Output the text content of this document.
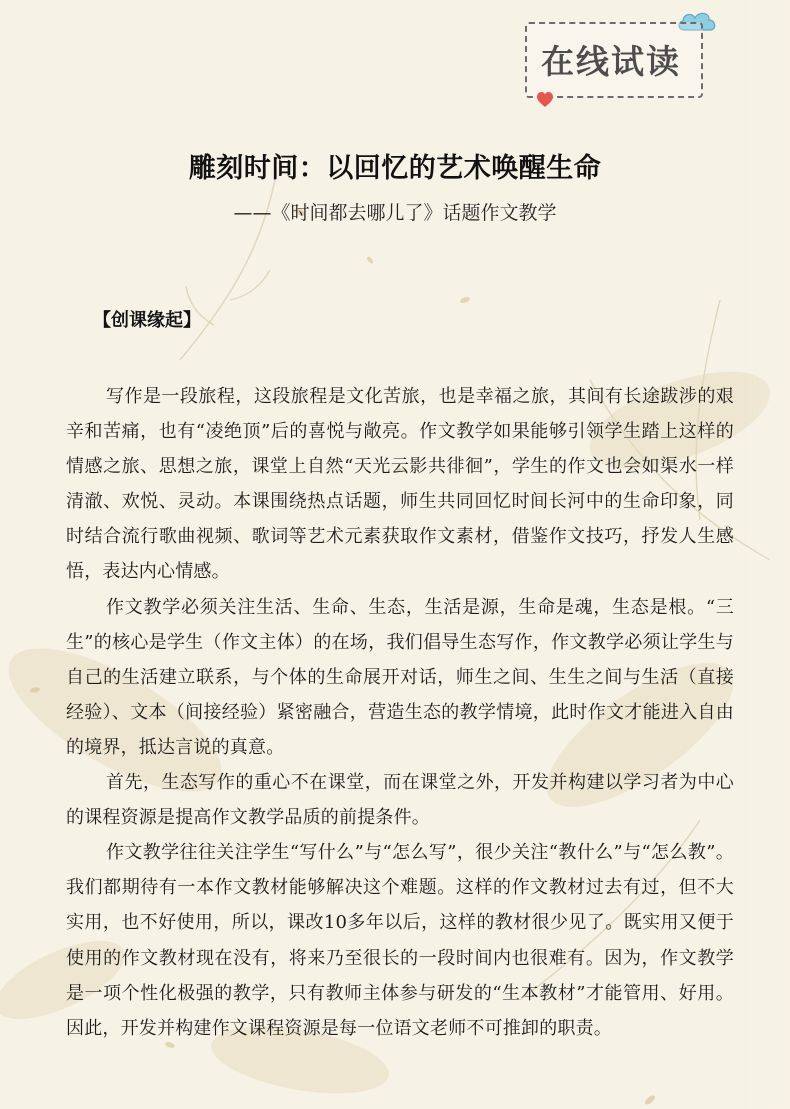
在线试读
雕刻时间：以回忆的艺术唤醒生命
——《时间都去哪儿了》话题作文教学
【创课缘起】

写作是一段旅程，这段旅程是文化苦旅，也是幸福之旅，其间有长途跋涉的艰辛和苦痛，也有“凌绝顶”后的喜悦与敞亮。作文教学如果能够引领学生踏上这样的情感之旅、思想之旅，课堂上自然“天光云影共徘徊”，学生的作文也会如渠水一样清澈、欢悦、灵动。本课围绕热点话题，师生共同回忆时间长河中的生命印象，同时结合流行歌曲视频、歌词等艺术元素获取作文素材，借鉴作文技巧，抒发人生感悟，表达内心情感。

作文教学必须关注生活、生命、生态，生活是源，生命是魂，生态是根。“三生”的核心是学生（作文主体）的在场，我们倡导生态写作，作文教学必须让学生与自己的生活建立联系，与个体的生命展开对话，师生之间、生生之间与生活（直接经验）、文本（间接经验）紧密融合，营造生态的教学情境，此时作文才能进入自由的境界，抵达言说的真意。

首先，生态写作的重心不在课堂，而在课堂之外，开发并构建以学习者为中心的课程资源是提高作文教学品质的前提条件。

作文教学往往关注学生“写什么”与“怎么写”，很少关注“教什么”与“怎么教”。我们都期待有一本作文教材能够解决这个难题。这样的作文教材过去有过，但不大实用，也不好使用，所以，课改10多年以后，这样的教材很少见了。既实用又便于使用的作文教材现在没有，将来乃至很长的一段时间内也很难有。因为，作文教学是一项个性化极强的教学，只有教师主体参与研发的“生本教材”才能管用、好用。因此，开发并构建作文课程资源是每一位语文老师不可推卸的职责。
